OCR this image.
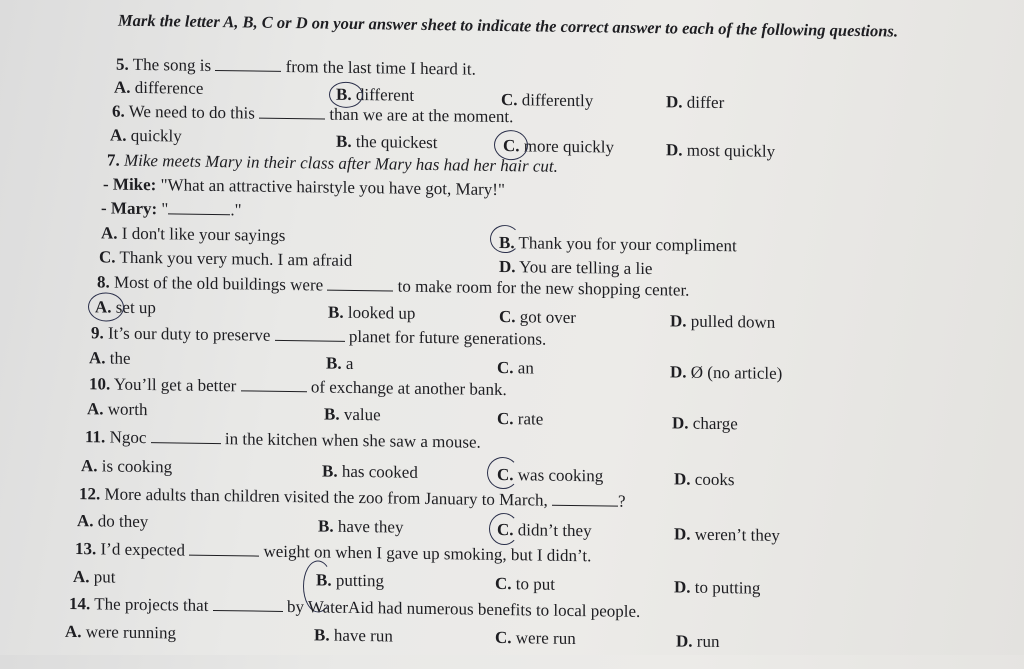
Mark the letter A, B, C or D on your answer sheet to indicate the correct answer to each of the following questions.
5. The song is	from the last time I heard it.
A. difference	B. different	C. differently	D. differ
6. We need to do this	than we are at the moment.
A. quickly	B. the quickest	C. more quickly	D. most quickly
7. Mike meets Mary in their class after Mary has had her hair cut.
- Mike: "What an attractive hairstyle you have got, Mary!"
- Mary: "	."
A. I don't like your sayings	B. Thank you for your compliment
C. Thank you very much. I am afraid	D. You are telling a lie
8. Most of the old buildings were	to make room for the new shopping center.
A. set up	B. looked up	C. got over	D. pulled down
9. It’s our duty to preserve	planet for future generations.
A. the	B. a	C. an	D. Ø (no article)
10. You’ll get a better	of exchange at another bank.
A. worth	B. value	C. rate	D. charge
11. Ngoc	in the kitchen when she saw a mouse.
A. is cooking	B. has cooked	C. was cooking	D. cooks
12. More adults than children visited the zoo from January to March,	?
A. do they	B. have they	C. didn’t they	D. weren’t they
13. I’d expected	weight on when I gave up smoking, but I didn’t.
A. put	B. putting	C. to put	D. to putting
14. The projects that	by WaterAid had numerous benefits to local people.
A. were running	B. have run	C. were run	D. run
